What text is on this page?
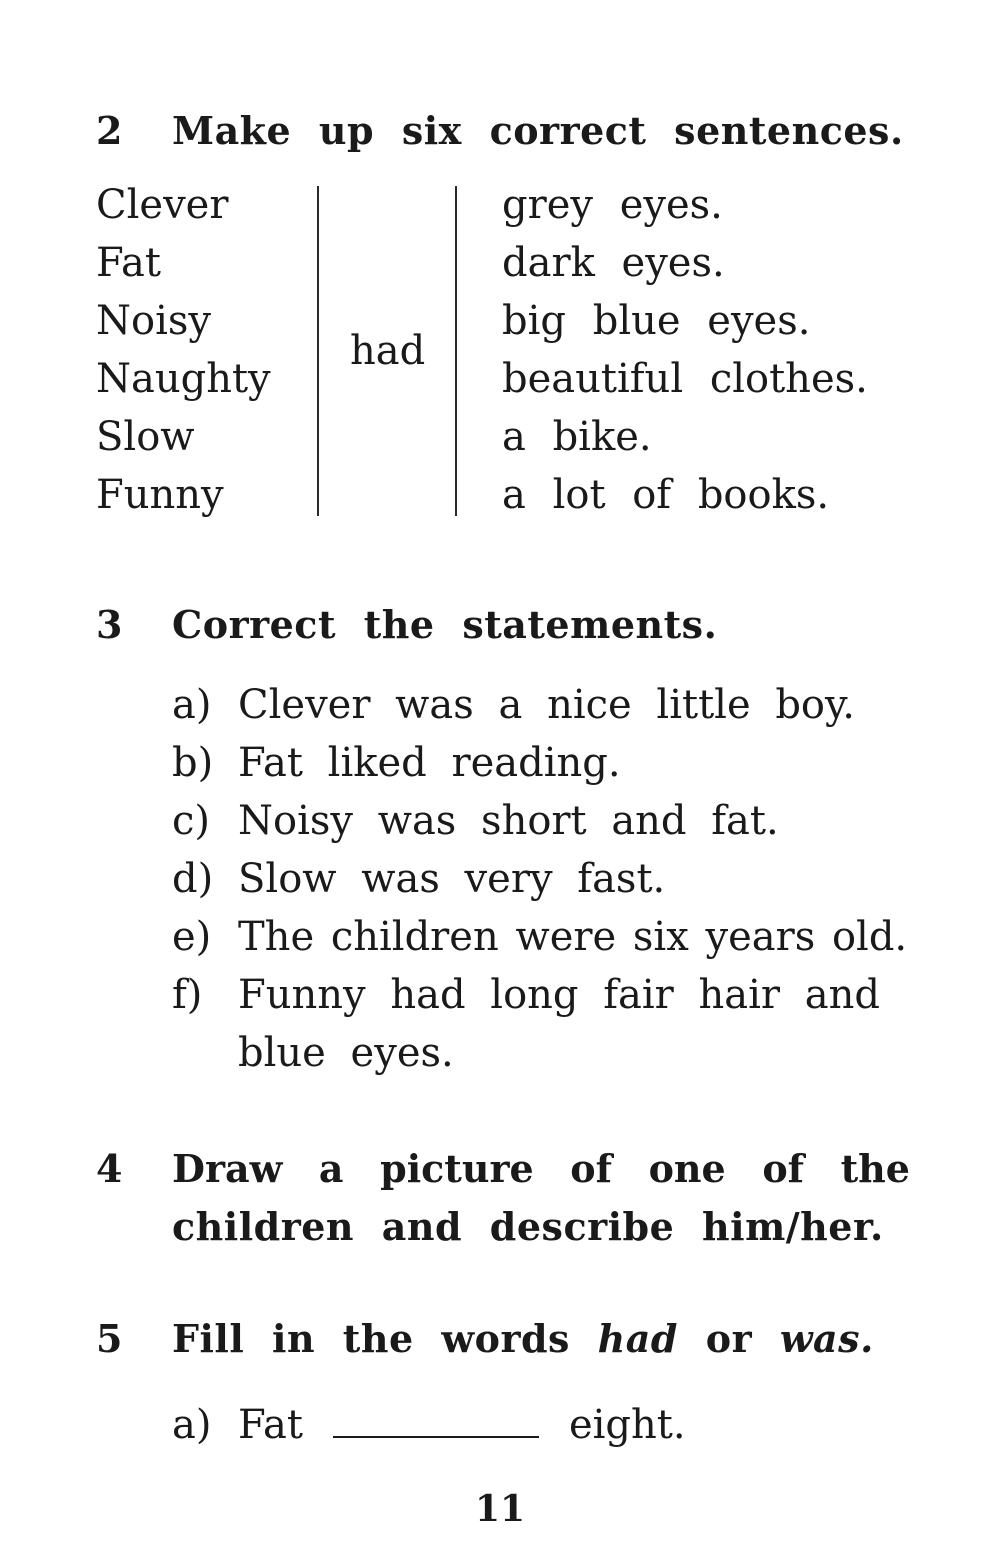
2 Make up six correct sentences.
Clever
Fat
Noisy
Naughty
Slow
Funny
had
grey eyes.
dark eyes.
big blue eyes.
beautiful clothes.
a bike.
a lot of books.
3 Correct the statements.
a) Clever was a nice little boy.
b) Fat liked reading.
c) Noisy was short and fat.
d) Slow was very fast.
e) The children were six years old.
f) Funny had long fair hair and
blue eyes.
4 Draw a picture of one of the
children and describe him/her.
5 Fill in the words had or was.
a) Fat	eight.
11
